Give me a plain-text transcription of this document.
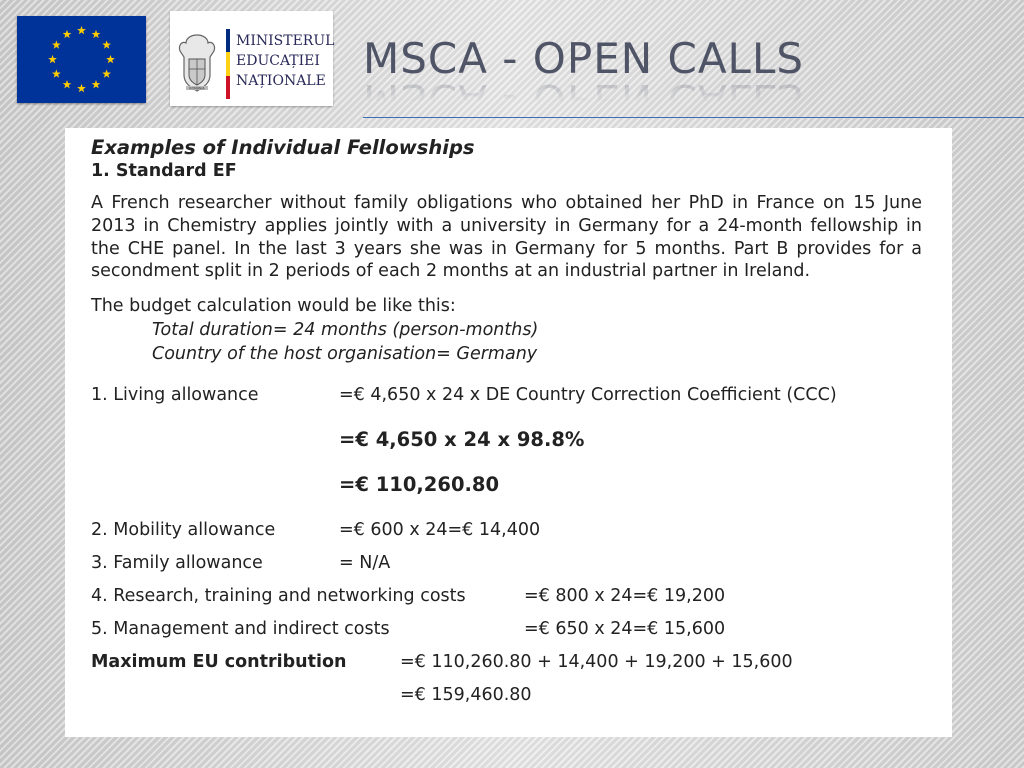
ROMANIA
MINISTERUL
EDUCAȚIEI
NAȚIONALE MSCA - OPEN CALLS
Examples of Individual Fellowships
1. Standard EF
A French researcher without family obligations who obtained her PhD in France on 15 June 2013 in Chemistry applies jointly with a university in Germany for a 24-month fellowship in the CHE panel. In the last 3 years she was in Germany for 5 months. Part B provides for a secondment split in 2 periods of each 2 months at an industrial partner in Ireland.
The budget calculation would be like this:
Total duration= 24 months (person-months)
Country of the host organisation= Germany
1. Living allowance	=€ 4,650 x 24 x DE Country Correction Coefficient (CCC)
=€ 4,650 x 24 x 98.8%
=€ 110,260.80
2. Mobility allowance	=€ 600 x 24=€ 14,400
3. Family allowance	= N/A
4. Research, training and networking costs	=€ 800 x 24=€ 19,200
5. Management and indirect costs	=€ 650 x 24=€ 15,600
Maximum EU contribution	=€ 110,260.80 + 14,400 + 19,200 + 15,600
=€ 159,460.80
